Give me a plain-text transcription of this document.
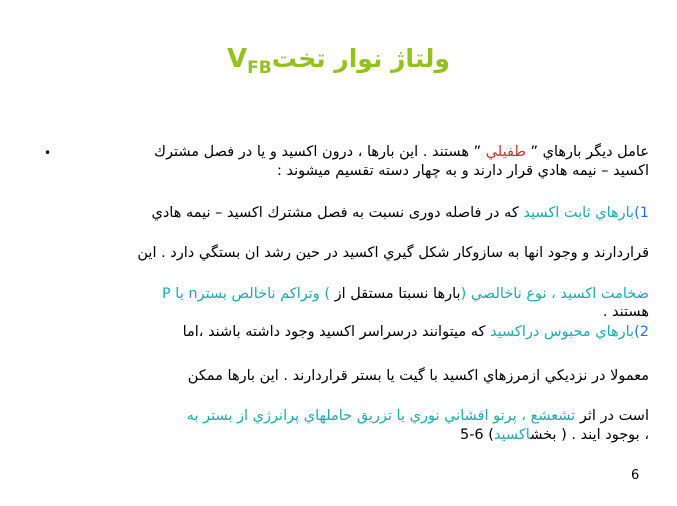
ولتاژ نوار تختV$_{FB}$
•	عامل ديگر بارهاي ” طفيلي ” هستند . اين بارها ، درون اكسيد و يا در فصل مشترك
اكسيد – نيمه هادي قرار دارند و به چهار دسته تقسيم ميشوند :
1)بارهاي ثابت اكسيد كه در فاصله دوری نسبت به فصل مشترك اكسيد – نيمه هادي
قراردارند و وجود انها به سازوكار شكل گيري اكسيد در حين رشد ان بستگي دارد . اين
ضخامت اكسيد ، نوع ناخالصي (بارها نسبتا مستقل از ) وتراكم ناخالص بسترn يا P
هستند .
2)بارهاي محبوس دراكسيد كه ميتوانند درسراسر اكسيد وجود داشته باشند ،اما
معمولا در نزديكي ازمرزهاي اكسيد با گيت يا بستر قراردارند . اين بارها ممكن
است در اثر تشعشع ، پرتو افشاني نوري يا تزريق حاملهاي پرانرژي از بستر به
، بوجود ايند . ( بخشاكسيد) 6-5
6
